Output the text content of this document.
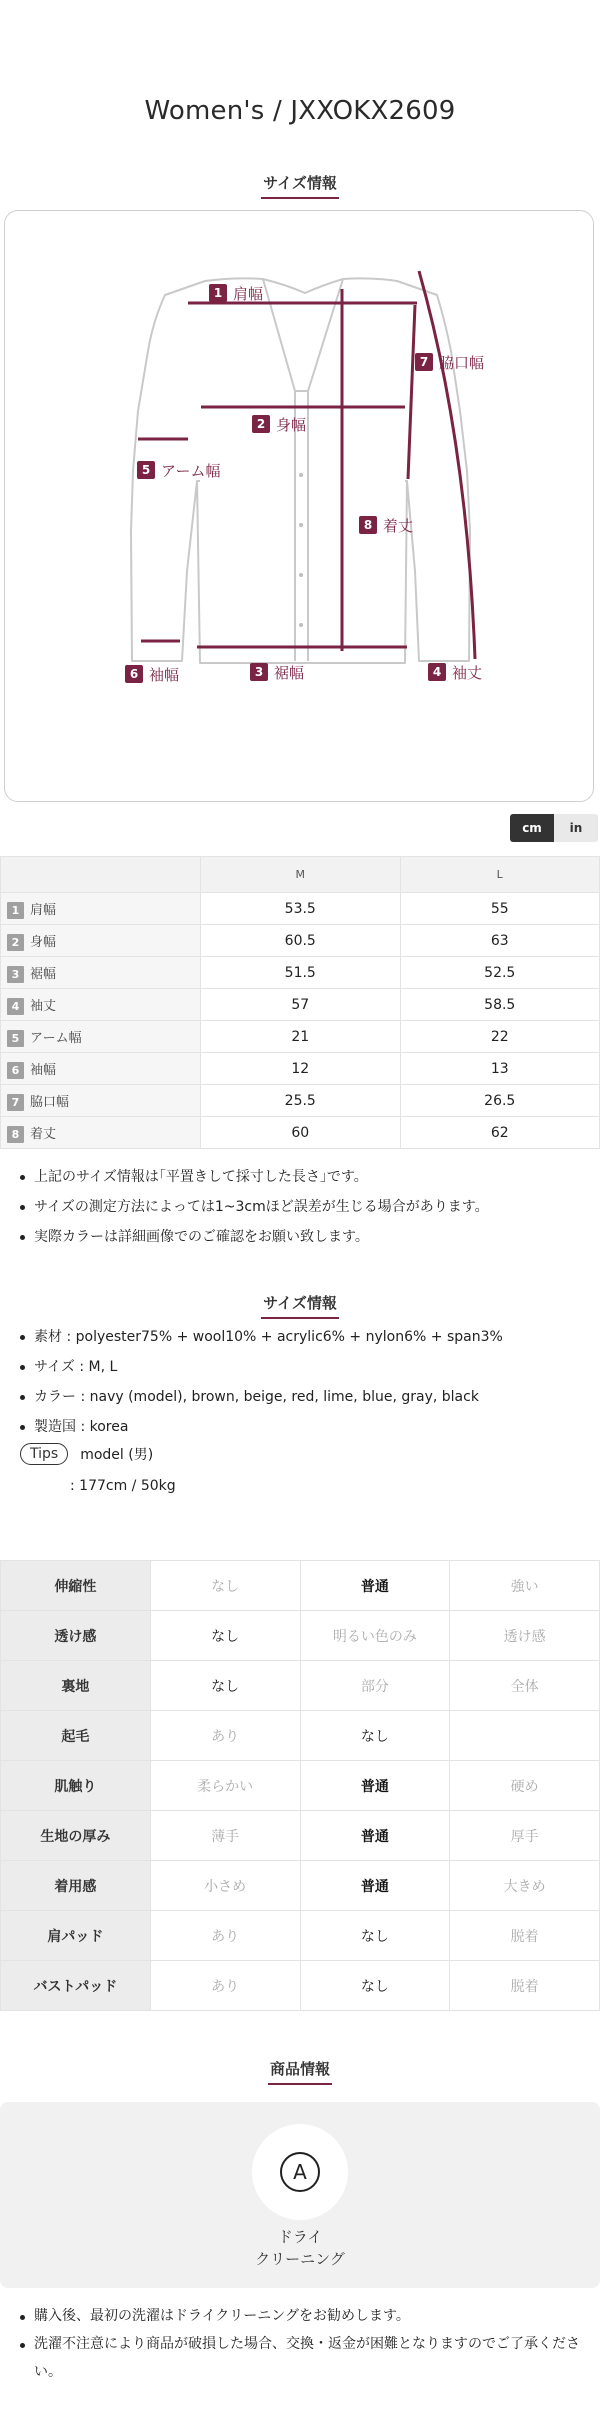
Women's / JXXOKX2609
サイズ情報
1 肩幅
2 身幅
3 裾幅	4 袖丈
5 アーム幅
6 袖幅
7 脇口幅
8 着丈
cm	in
	M	L
1 肩幅	53.5	55
2 身幅	60.5	63
3 裾幅	51.5	52.5
4 袖丈	57	58.5
5 アーム幅	21	22
6 袖幅	12	13
7 脇口幅	25.5	26.5
8 着丈	60	62
上記のサイズ情報は｢平置きして採寸した長さ｣です。
サイズの測定方法によっては1~3cmほど誤差が生じる場合があります。
実際カラーは詳細画像でのご確認をお願い致します。
サイズ情報
素材 : polyester75% + wool10% + acrylic6% + nylon6% + span3%
サイズ : M, L
カラー : navy (model), brown, beige, red, lime, blue, gray, black
製造国 : korea
Tips	model (男)
: 177cm / 50kg
伸縮性	なし	普通	強い
透け感	なし	明るい色のみ	透け感
裏地	なし	部分	全体
起毛	あり	なし	
肌触り	柔らかい	普通	硬め
生地の厚み	薄手	普通	厚手
着用感	小さめ	普通	大きめ
肩パッド	あり	なし	脱着
バストパッド	あり	なし	脱着
商品情報
A
ドライ
クリーニング
購入後、最初の洗濯はドライクリーニングをお勧めします。
洗濯不注意により商品が破損した場合、交換・返金が困難となりますのでご了承ください。
